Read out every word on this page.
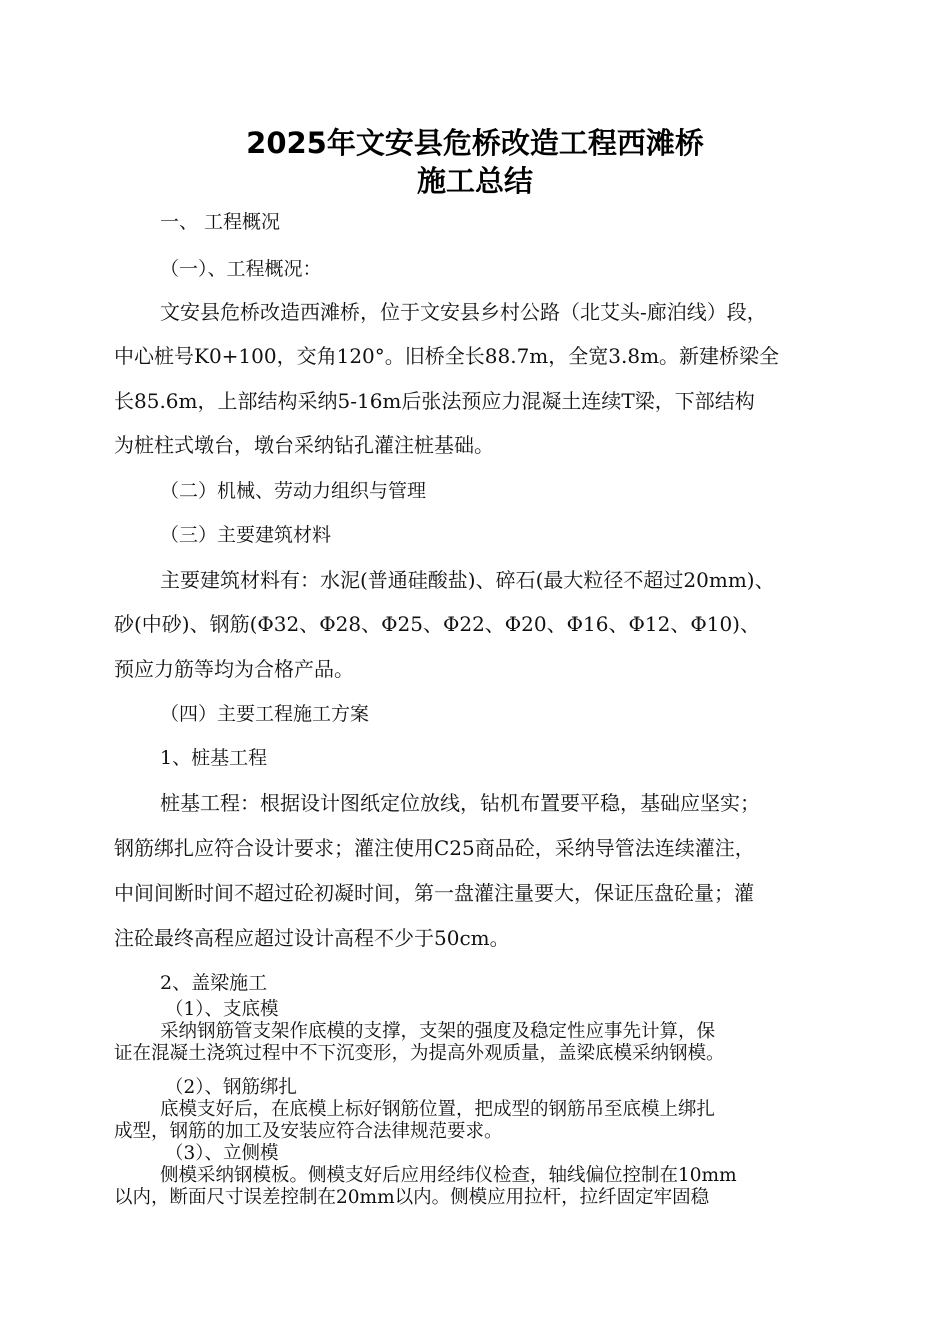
2025年文安县危桥改造工程西滩桥
施工总结
一、 工程概况
（一）、工程概况：
文安县危桥改造西滩桥，位于文安县乡村公路（北艾头-廊泊线）段，
中心桩号K0+100，交角120°。旧桥全长88.7m，全宽3.8m。新建桥梁全
长85.6m，上部结构采纳5-16m后张法预应力混凝土连续T梁，下部结构
为桩柱式墩台，墩台采纳钻孔灌注桩基础。
（二）机械、劳动力组织与管理
（三）主要建筑材料
主要建筑材料有：水泥(普通硅酸盐)、碎石(最大粒径不超过20mm)、
砂(中砂)、钢筋(Φ32、Φ28、Φ25、Φ22、Φ20、Φ16、Φ12、Φ10)、
预应力筋等均为合格产品。
（四）主要工程施工方案
1、桩基工程
桩基工程：根据设计图纸定位放线，钻机布置要平稳，基础应坚实；
钢筋绑扎应符合设计要求；灌注使用C25商品砼，采纳导管法连续灌注，
中间间断时间不超过砼初凝时间，第一盘灌注量要大，保证压盘砼量；灌
注砼最终高程应超过设计高程不少于50cm。
2、盖梁施工
（1）、支底模
采纳钢筋管支架作底模的支撑，支架的强度及稳定性应事先计算，保
证在混凝土浇筑过程中不下沉变形，为提高外观质量，盖梁底模采纳钢模。
（2）、钢筋绑扎
底模支好后，在底模上标好钢筋位置，把成型的钢筋吊至底模上绑扎
成型，钢筋的加工及安装应符合法律规范要求。
（3）、立侧模
侧模采纳钢模板。侧模支好后应用经纬仪检查，轴线偏位控制在10mm
以内，断面尺寸误差控制在20mm以内。侧模应用拉杆，拉纤固定牢固稳
